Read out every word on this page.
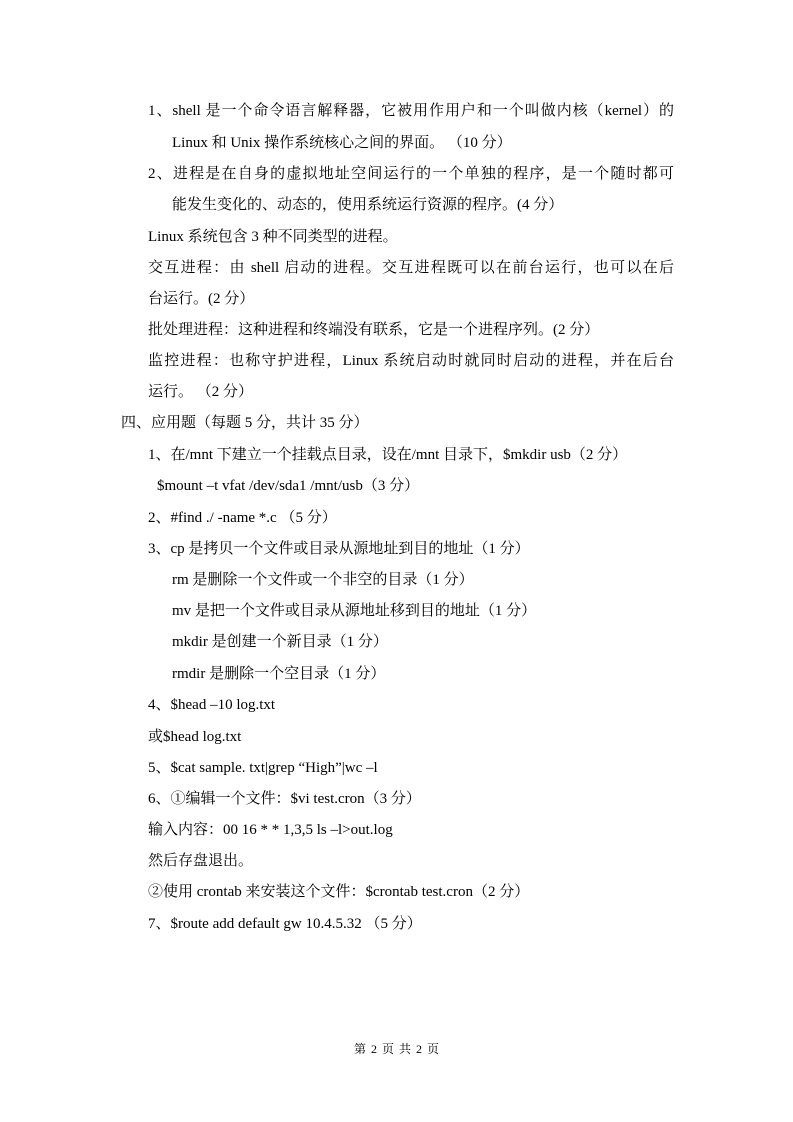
1、shell 是一个命令语言解释器，它被用作用户和一个叫做内核（kernel）的
Linux 和 Unix 操作系统核心之间的界面。 （10 分）
2、进程是在自身的虚拟地址空间运行的一个单独的程序，是一个随时都可
能发生变化的、动态的，使用系统运行资源的程序。(4 分）
Linux 系统包含 3 种不同类型的进程。
交互进程：由 shell 启动的进程。交互进程既可以在前台运行，也可以在后
台运行。(2 分）
批处理进程：这种进程和终端没有联系，它是一个进程序列。(2 分）
监控进程：也称守护进程，Linux 系统启动时就同时启动的进程，并在后台
运行。 （2 分）
四、应用题（每题 5 分，共计 35 分）
1、在/mnt 下建立一个挂载点目录，设在/mnt 目录下，$mkdir usb（2 分）
$mount –t vfat /dev/sda1 /mnt/usb（3 分）
2、#find ./ -name *.c （5 分）
3、cp 是拷贝一个文件或目录从源地址到目的地址（1 分）
rm 是删除一个文件或一个非空的目录（1 分）
mv 是把一个文件或目录从源地址移到目的地址（1 分）
mkdir 是创建一个新目录（1 分）
rmdir 是删除一个空目录（1 分）
4、$head –10 log.txt
或$head log.txt
5、$cat sample. txt|grep “High”|wc –l
6、①编辑一个文件：$vi test.cron（3 分）
输入内容：00 16 * * 1,3,5 ls –l>out.log
然后存盘退出。
②使用 crontab 来安装这个文件：$crontab test.cron（2 分）
7、$route add default gw 10.4.5.32 （5 分）
第 2 页 共 2 页
